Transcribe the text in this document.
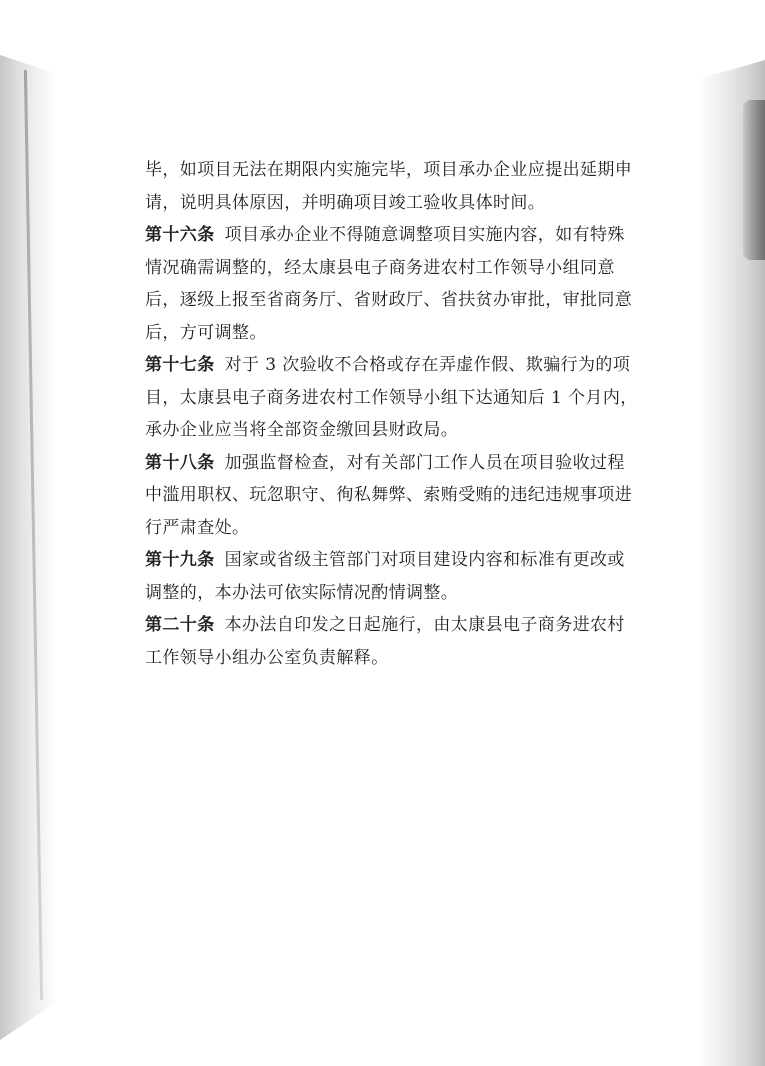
毕，如项目无法在期限内实施完毕，项目承办企业应提出延期申
请，说明具体原因，并明确项目竣工验收具体时间。
第十六条 项目承办企业不得随意调整项目实施内容，如有特殊
情况确需调整的，经太康县电子商务进农村工作领导小组同意
后，逐级上报至省商务厅、省财政厅、省扶贫办审批，审批同意
后，方可调整。
第十七条 对于 3 次验收不合格或存在弄虚作假、欺骗行为的项
目，太康县电子商务进农村工作领导小组下达通知后 1 个月内，
承办企业应当将全部资金缴回县财政局。
第十八条 加强监督检查，对有关部门工作人员在项目验收过程
中滥用职权、玩忽职守、徇私舞弊、索贿受贿的违纪违规事项进
行严肃查处。
第十九条 国家或省级主管部门对项目建设内容和标准有更改或
调整的，本办法可依实际情况酌情调整。
第二十条 本办法自印发之日起施行，由太康县电子商务进农村
工作领导小组办公室负责解释。
